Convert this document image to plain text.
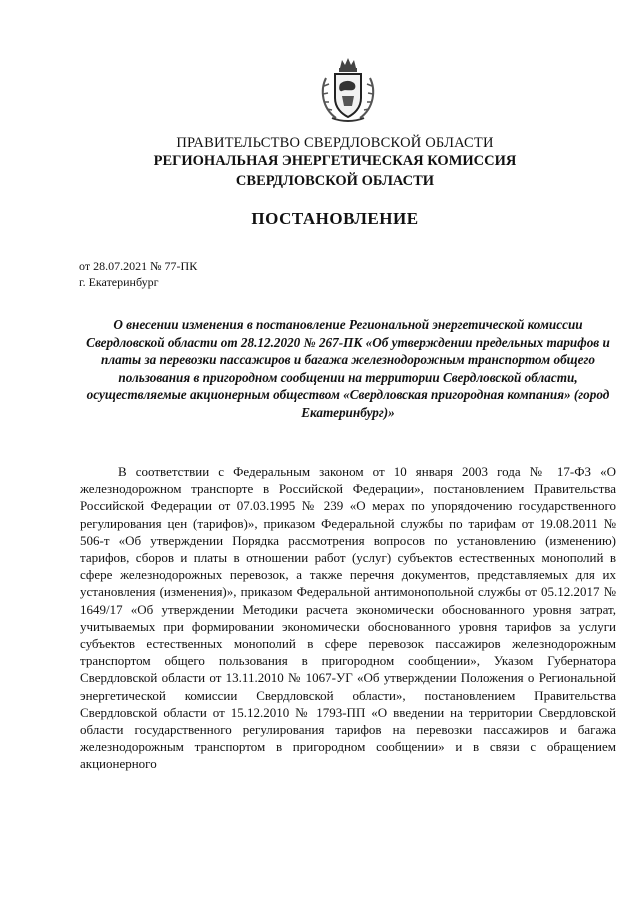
ПРАВИТЕЛЬСТВО СВЕРДЛОВСКОЙ ОБЛАСТИ
РЕГИОНАЛЬНАЯ ЭНЕРГЕТИЧЕСКАЯ КОМИССИЯ
СВЕРДЛОВСКОЙ ОБЛАСТИ
ПОСТАНОВЛЕНИЕ
от 28.07.2021 № 77-ПК
г. Екатеринбург
О внесении изменения в постановление Региональной энергетической комиссии Свердловской области от 28.12.2020 № 267-ПК «Об утверждении предельных тарифов и платы за перевозки пассажиров и багажа железнодорожным транспортом общего пользования в пригородном сообщении на территории Свердловской области, осуществляемые акционерным обществом «Свердловская пригородная компания» (город Екатеринбург)»
В соответствии с Федеральным законом от 10 января 2003 года № 17-ФЗ «О железнодорожном транспорте в Российской Федерации», постановлением Правительства Российской Федерации от 07.03.1995 № 239 «О мерах по упорядочению государственного регулирования цен (тарифов)», приказом Федеральной службы по тарифам от 19.08.2011 № 506-т «Об утверждении Порядка рассмотрения вопросов по установлению (изменению) тарифов, сборов и платы в отношении работ (услуг) субъектов естественных монополий в сфере железнодорожных перевозок, а также перечня документов, представляемых для их установления (изменения)», приказом Федеральной антимонопольной службы от 05.12.2017 № 1649/17 «Об утверждении Методики расчета экономически обоснованного уровня затрат, учитываемых при формировании экономически обоснованного уровня тарифов за услуги субъектов естественных монополий в сфере перевозок пассажиров железнодорожным транспортом общего пользования в пригородном сообщении», Указом Губернатора Свердловской области от 13.11.2010 № 1067-УГ «Об утверждении Положения о Региональной энергетической комиссии Свердловской области», постановлением Правительства Свердловской области от 15.12.2010 № 1793-ПП «О введении на территории Свердловской области государственного регулирования тарифов на перевозки пассажиров и багажа железнодорожным транспортом в пригородном сообщении» и в связи с обращением акционерного
